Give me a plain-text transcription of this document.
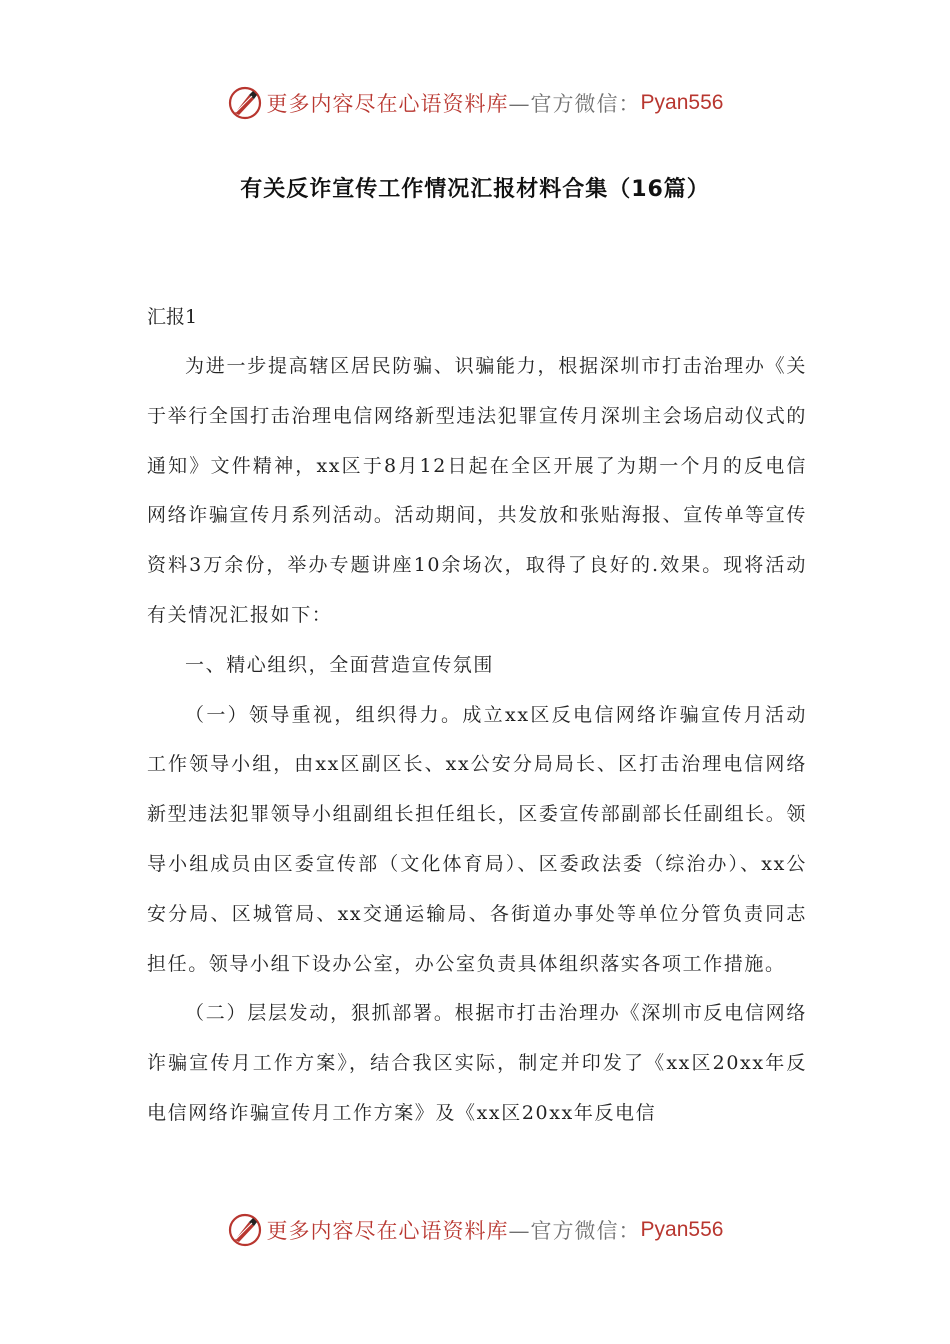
更多内容尽在心语资料库 —官方微信： Pyan556
有关反诈宣传工作情况汇报材料合集（16篇）

汇报1

为进一步提高辖区居民防骗、识骗能力，根据深圳市打击治理办《关于举行全国打击治理电信网络新型违法犯罪宣传月深圳主会场启动仪式的通知》文件精神，xx区于8月12日起在全区开展了为期一个月的反电信网络诈骗宣传月系列活动。活动期间，共发放和张贴海报、宣传单等宣传资料3万余份，举办专题讲座10余场次，取得了良好的.效果。现将活动有关情况汇报如下：

一、精心组织，全面营造宣传氛围

（一）领导重视，组织得力。成立xx区反电信网络诈骗宣传月活动工作领导小组，由xx区副区长、xx公安分局局长、区打击治理电信网络新型违法犯罪领导小组副组长担任组长，区委宣传部副部长任副组长。领导小组成员由区委宣传部（文化体育局）、区委政法委（综治办）、xx公安分局、区城管局、xx交通运输局、各街道办事处等单位分管负责同志担任。领导小组下设办公室，办公室负责具体组织落实各项工作措施。

（二）层层发动，狠抓部署。根据市打击治理办《深圳市反电信网络诈骗宣传月工作方案》，结合我区实际，制定并印发了《xx区20xx年反电信网络诈骗宣传月工作方案》及《xx区20xx年反电信

更多内容尽在心语资料库 —官方微信： Pyan556
